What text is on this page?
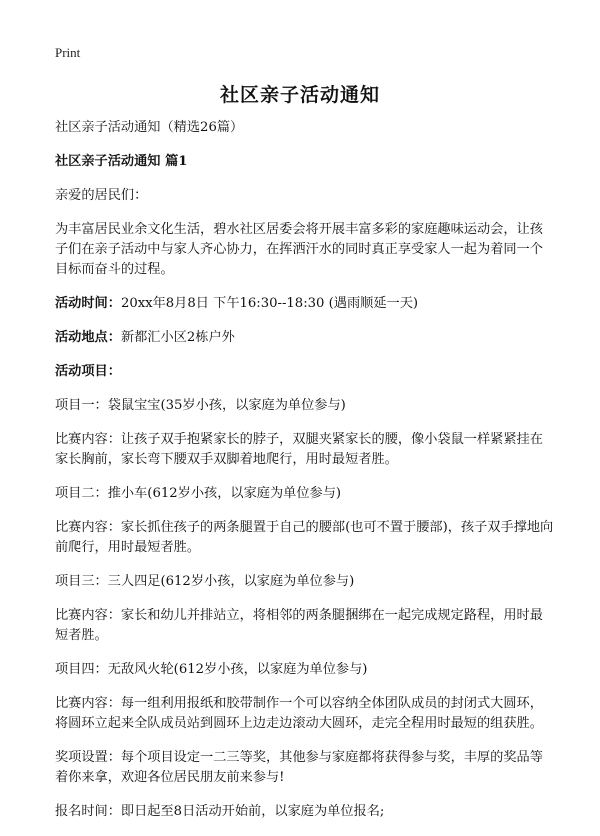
Print
社区亲子活动通知

社区亲子活动通知（精选26篇）

社区亲子活动通知 篇1

亲爱的居民们：

为丰富居民业余文化生活，碧水社区居委会将开展丰富多彩的家庭趣味运动会，让孩子们在亲子活动中与家人齐心协力，在挥洒汗水的同时真正享受家人一起为着同一个目标而奋斗的过程。

活动时间：20xx年8月8日 下午16:30--18:30 (遇雨顺延一天)

活动地点：新都汇小区2栋户外

活动项目：

项目一：袋鼠宝宝(35岁小孩，以家庭为单位参与)

比赛内容：让孩子双手抱紧家长的脖子，双腿夹紧家长的腰，像小袋鼠一样紧紧挂在家长胸前，家长弯下腰双手双脚着地爬行，用时最短者胜。

项目二：推小车(612岁小孩，以家庭为单位参与)

比赛内容：家长抓住孩子的两条腿置于自己的腰部(也可不置于腰部)，孩子双手撑地向前爬行，用时最短者胜。

项目三：三人四足(612岁小孩，以家庭为单位参与)

比赛内容：家长和幼儿并排站立，将相邻的两条腿捆绑在一起完成规定路程，用时最短者胜。

项目四：无敌风火轮(612岁小孩，以家庭为单位参与)

比赛内容：每一组利用报纸和胶带制作一个可以容纳全体团队成员的封闭式大圆环，将圆环立起来全队成员站到圆环上边走边滚动大圆环，走完全程用时最短的组获胜。

奖项设置：每个项目设定一二三等奖，其他参与家庭都将获得参与奖，丰厚的奖品等着你来拿，欢迎各位居民朋友前来参与!

报名时间：即日起至8日活动开始前，以家庭为单位报名;
